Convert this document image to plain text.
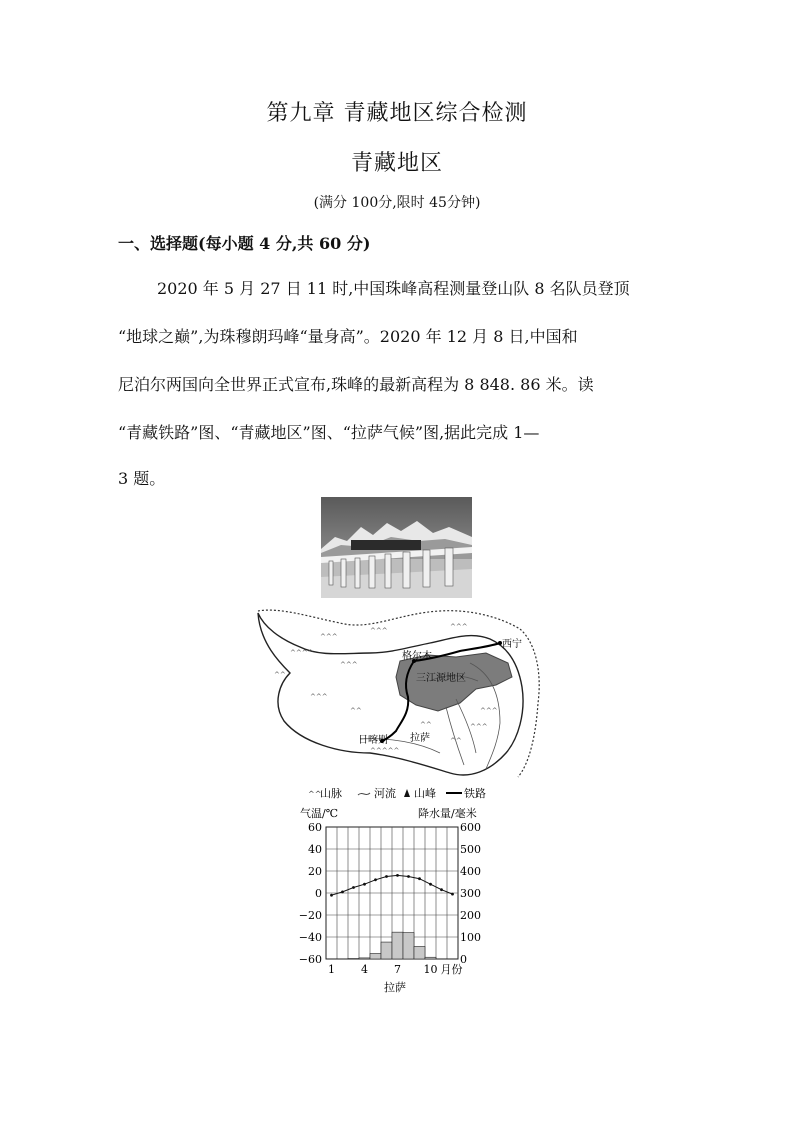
第九章 青藏地区综合检测
青藏地区
(满分 100分,限时 45分钟)
一、选择题(每小题 4 分,共 60 分)
2020 年 5 月 27 日 11 时,中国珠峰高程测量登山队 8 名队员登顶
“地球之巅”,为珠穆朗玛峰“量身高”。2020 年 12 月 8 日,中国和
尼泊尔两国向全世界正式宣布,珠峰的最新高程为 8 848. 86 米。读
“青藏铁路”图、“青藏地区”图、“拉萨气候”图,据此完成 1—
3 题。
^^^^
^^^
^^^	^^^
^^
^^^
^^^
^^	^^^
^^^
^^
^^
^^^^^
格尔木
西宁
三江源地区
日喀则 拉萨
^^
山脉	河流 山峰	铁路
气温/℃	降水量/毫米
60
40
20
0
−20
−40
−60
600
500
400
300
200
100
0
1 4 7 10 月份
拉萨
